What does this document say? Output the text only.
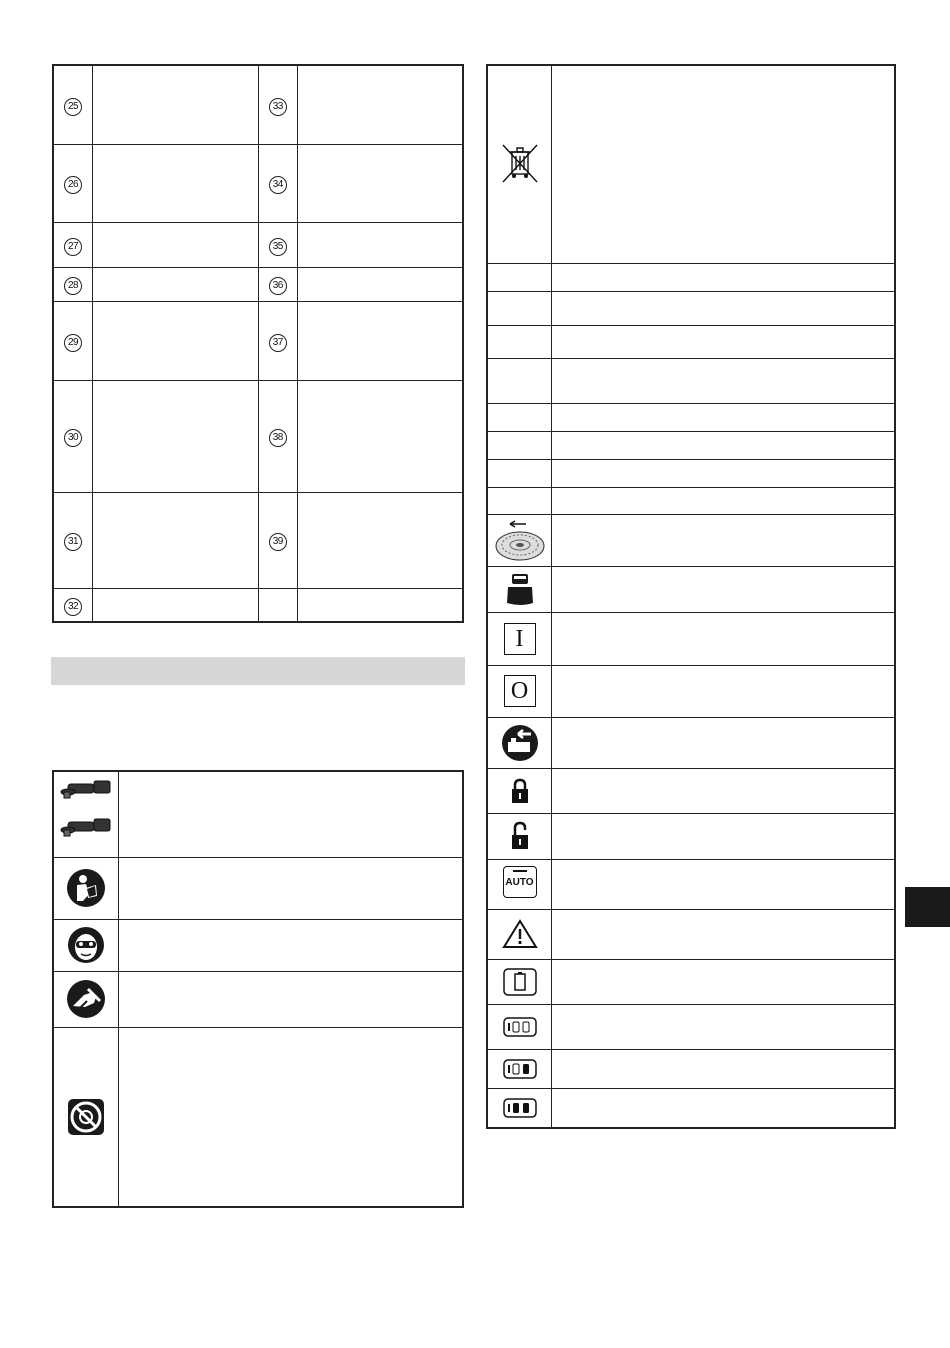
25		33	
26		34	
27		35	
28		36	
29		37	
30		38	
31		39	
32			

I	
O	

AUTO	
